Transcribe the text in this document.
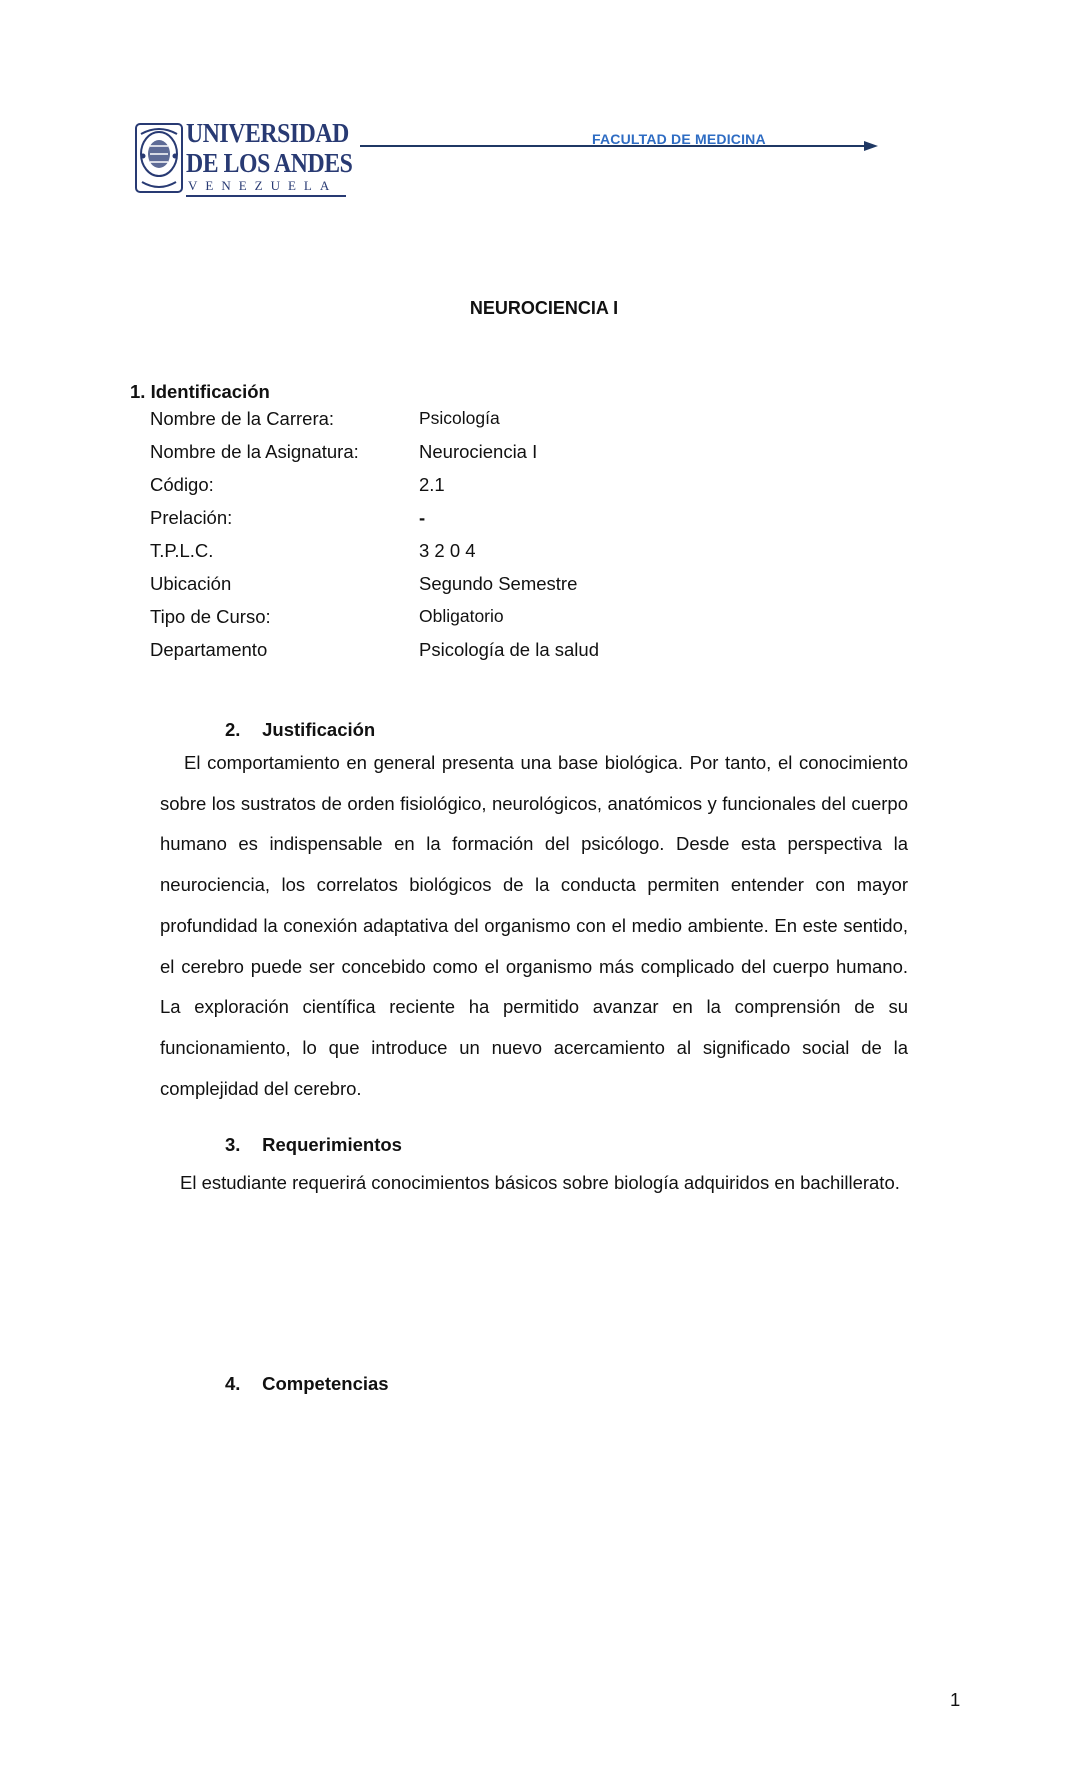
UNIVERSIDAD
DE LOS ANDES
VENEZUELA
FACULTAD DE MEDICINA
NEUROCIENCIA I
1. Identificación
Nombre de la Carrera:	Psicología
Nombre de la Asignatura:	Neurociencia I
Código:	2.1
Prelación:	-
T.P.L.C.	3 2 0 4
Ubicación	Segundo Semestre
Tipo de Curso:	Obligatorio
Departamento	Psicología de la salud
2. Justificación

El comportamiento en general presenta una base biológica. Por tanto, el conocimiento sobre los sustratos de orden fisiológico, neurológicos, anatómicos y funcionales del cuerpo humano es indispensable en la formación del psicólogo. Desde esta perspectiva la neurociencia, los correlatos biológicos de la conducta permiten entender con mayor profundidad la conexión adaptativa del organismo con el medio ambiente. En este sentido, el cerebro puede ser concebido como el organismo más complicado del cuerpo humano. La exploración científica reciente ha permitido avanzar en la comprensión de su funcionamiento, lo que introduce un nuevo acercamiento al significado social de la complejidad del cerebro.

3. Requerimientos

El estudiante requerirá conocimientos básicos sobre biología adquiridos en bachillerato.

4. Competencias
1
